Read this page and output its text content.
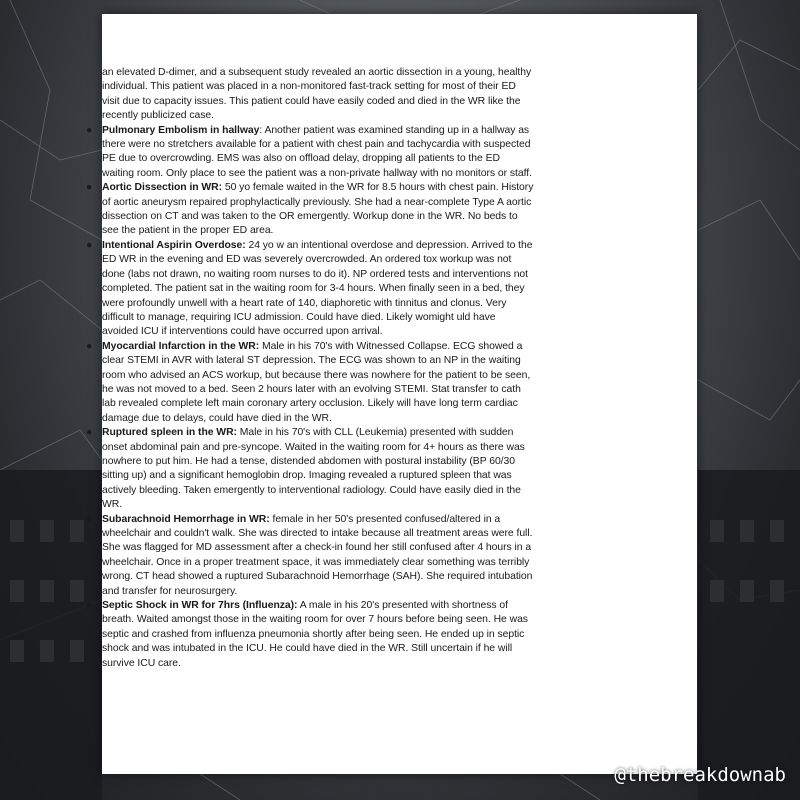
an elevated D-dimer, and a subsequent study revealed an aortic dissection in a young, healthy individual. This patient was placed in a non-monitored fast-track setting for most of their ED visit due to capacity issues. This patient could have easily coded and died in the WR like the recently publicized case.

● Pulmonary Embolism in hallway: Another patient was examined standing up in a hallway as there were no stretchers available for a patient with chest pain and tachycardia with suspected PE due to overcrowding. EMS was also on offload delay, dropping all patients to the ED waiting room. Only place to see the patient was a non-private hallway with no monitors or staff.
● Aortic Dissection in WR: 50 yo female waited in the WR for 8.5 hours with chest pain. History of aortic aneurysm repaired prophylactically previously. She had a near-complete Type A aortic dissection on CT and was taken to the OR emergently. Workup done in the WR. No beds to see the patient in the proper ED area.
● Intentional Aspirin Overdose: 24 yo w an intentional overdose and depression. Arrived to the ED WR in the evening and ED was severely overcrowded. An ordered tox workup was not done (labs not drawn, no waiting room nurses to do it). NP ordered tests and interventions not completed. The patient sat in the waiting room for 3-4 hours. When finally seen in a bed, they were profoundly unwell with a heart rate of 140, diaphoretic with tinnitus and clonus. Very difficult to manage, requiring ICU admission. Could have died. Likely womight uld have avoided ICU if interventions could have occurred upon arrival.
● Myocardial Infarction in the WR: Male in his 70's with Witnessed Collapse. ECG showed a clear STEMI in AVR with lateral ST depression. The ECG was shown to an NP in the waiting room who advised an ACS workup, but because there was nowhere for the patient to be seen, he was not moved to a bed. Seen 2 hours later with an evolving STEMI. Stat transfer to cath lab revealed complete left main coronary artery occlusion. Likely will have long term cardiac damage due to delays, could have died in the WR.
● Ruptured spleen in the WR: Male in his 70's with CLL (Leukemia) presented with sudden onset abdominal pain and pre-syncope. Waited in the waiting room for 4+ hours as there was nowhere to put him. He had a tense, distended abdomen with postural instability (BP 60/30 sitting up) and a significant hemoglobin drop. Imaging revealed a ruptured spleen that was actively bleeding. Taken emergently to interventional radiology. Could have easily died in the WR.
● Subarachnoid Hemorrhage in WR: female in her 50's presented confused/altered in a wheelchair and couldn't walk. She was directed to intake because all treatment areas were full. She was flagged for MD assessment after a check-in found her still confused after 4 hours in a wheelchair. Once in a proper treatment space, it was immediately clear something was terribly wrong. CT head showed a ruptured Subarachnoid Hemorrhage (SAH). She required intubation and transfer for neurosurgery.
● Septic Shock in WR for 7hrs (Influenza): A male in his 20's presented with shortness of breath. Waited amongst those in the waiting room for over 7 hours before being seen. He was septic and crashed from influenza pneumonia shortly after being seen. He ended up in septic shock and was intubated in the ICU. He could have died in the WR. Still uncertain if he will survive ICU care.
@thebreakdownab
